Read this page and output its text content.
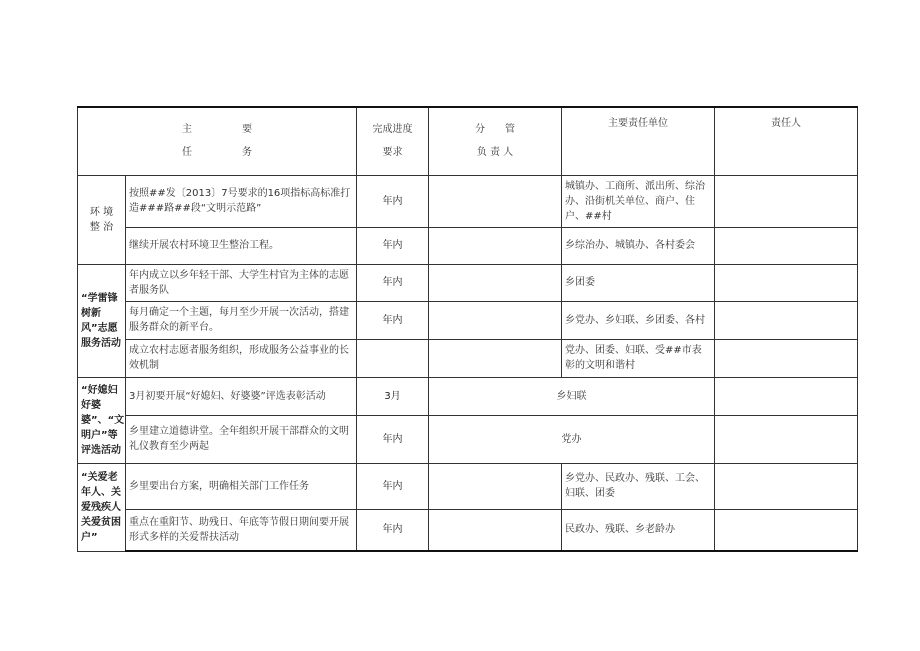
主　　　　　要
任　　　　　务		完成进度
要求	分　　管
负 责 人	主要责任单位	责任人
环 境
整 治	按照##发〔2013〕7号要求的16项指标高标准打造###路##段“文明示范路”	年内		城镇办、工商所、派出所、综治办、沿街机关单位、商户、住户、##村	
	继续开展农村环境卫生整治工程。	年内		乡综治办、城镇办、各村委会	
“学雷锋树新风”志愿服务活动	年内成立以乡年轻干部、大学生村官为主体的志愿者服务队	年内		乡团委	
	每月确定一个主题，每月至少开展一次活动，搭建服务群众的新平台。	年内		乡党办、乡妇联、乡团委、各村	
	成立农村志愿者服务组织，形成服务公益事业的长效机制			党办、团委、妇联、受##市表彰的文明和谐村	
“好媳妇好婆婆”、“文明户”等评选活动	3月初要开展“好媳妇、好婆婆”评选表彰活动	3月	乡妇联		
	乡里建立道德讲堂。全年组织开展干部群众的文明礼仪教育至少两起	年内	党办		
“关爱老年人、关爱残疾人关爱贫困户”	乡里要出台方案，明确相关部门工作任务	年内		乡党办、民政办、残联、工会、妇联、团委	
	重点在重阳节、助残日、年底等节假日期间要开展形式多样的关爱帮扶活动	年内		民政办、残联、乡老龄办	
